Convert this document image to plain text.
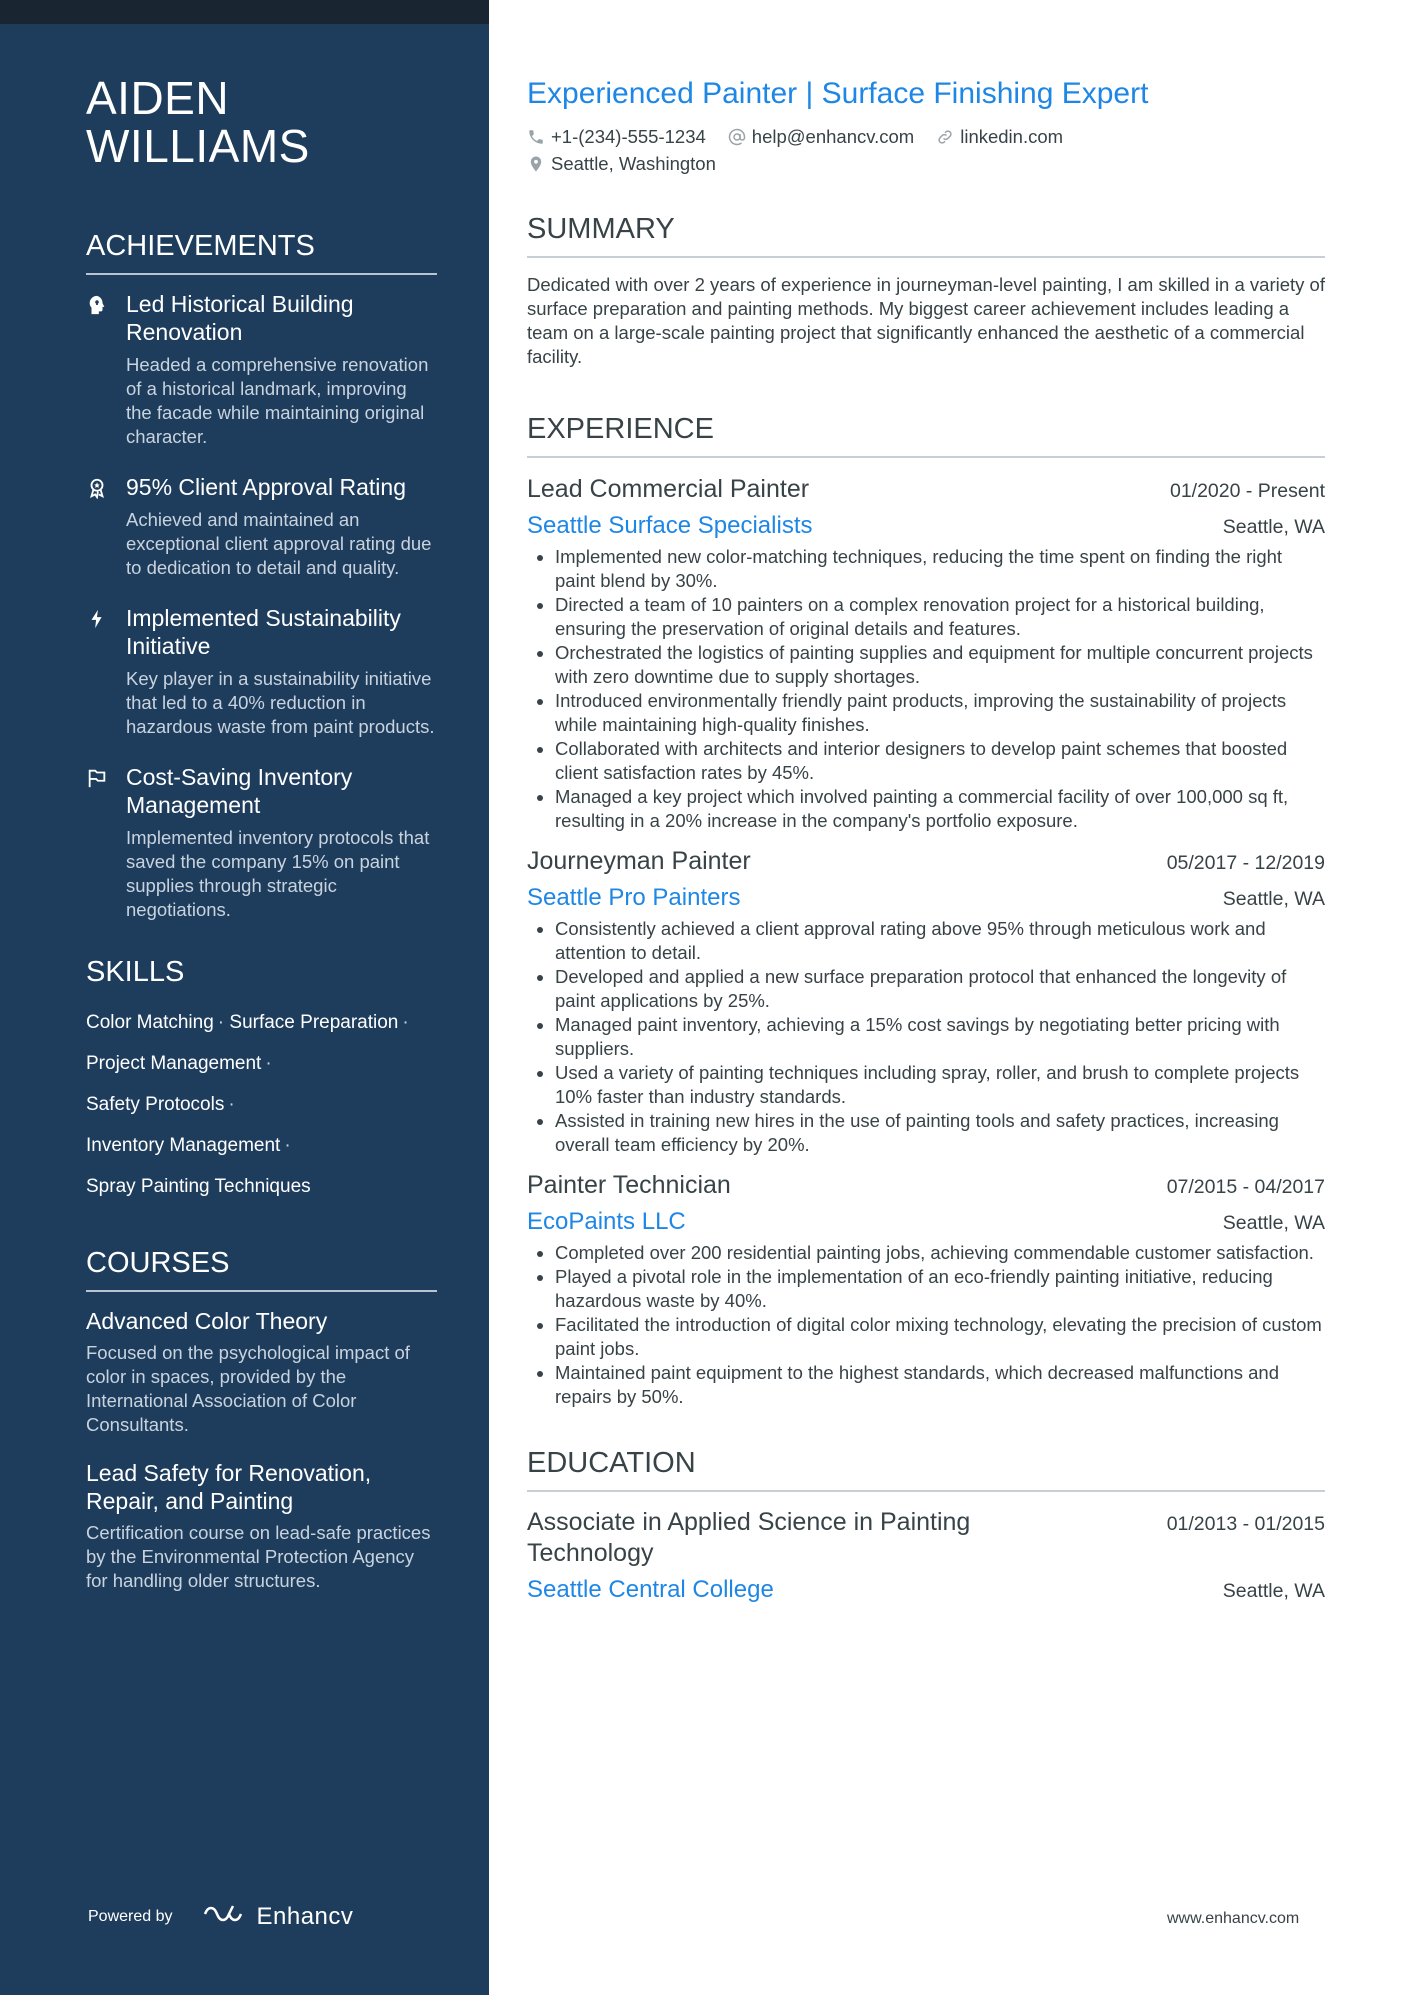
AIDEN
WILLIAMS
ACHIEVEMENTS
Led Historical Building Renovation
Headed a comprehensive renovation of a historical landmark, improving the facade while maintaining original character.
95% Client Approval Rating
Achieved and maintained an exceptional client approval rating due to dedication to detail and quality.
Implemented Sustainability Initiative
Key player in a sustainability initiative that led to a 40% reduction in hazardous waste from paint products.
Cost-Saving Inventory Management
Implemented inventory protocols that saved the company 15% on paint supplies through strategic negotiations.
SKILLS
Color Matching · Surface Preparation ·
Project Management ·
Safety Protocols ·
Inventory Management ·
Spray Painting Techniques
COURSES
Advanced Color Theory
Focused on the psychological impact of color in spaces, provided by the International Association of Color Consultants.
Lead Safety for Renovation, Repair, and Painting
Certification course on lead-safe practices by the Environmental Protection Agency for handling older structures.
Powered by	Enhancv
Experienced Painter | Surface Finishing Expert
+1-(234)-555-1234 help@enhancv.com linkedin.com
Seattle, Washington
SUMMARY
Dedicated with over 2 years of experience in journeyman-level painting, I am skilled in a variety of surface preparation and painting methods. My biggest career achievement includes leading a team on a large-scale painting project that significantly enhanced the aesthetic of a commercial facility.
EXPERIENCE
Lead Commercial Painter	01/2020 - Present
Seattle Surface Specialists	Seattle, WA
• Implemented new color-matching techniques, reducing the time spent on finding the right paint blend by 30%.
• Directed a team of 10 painters on a complex renovation project for a historical building, ensuring the preservation of original details and features.
• Orchestrated the logistics of painting supplies and equipment for multiple concurrent projects with zero downtime due to supply shortages.
• Introduced environmentally friendly paint products, improving the sustainability of projects while maintaining high-quality finishes.
• Collaborated with architects and interior designers to develop paint schemes that boosted client satisfaction rates by 45%.
• Managed a key project which involved painting a commercial facility of over 100,000 sq ft, resulting in a 20% increase in the company's portfolio exposure.
Journeyman Painter	05/2017 - 12/2019
Seattle Pro Painters	Seattle, WA
• Consistently achieved a client approval rating above 95% through meticulous work and attention to detail.
• Developed and applied a new surface preparation protocol that enhanced the longevity of paint applications by 25%.
• Managed paint inventory, achieving a 15% cost savings by negotiating better pricing with suppliers.
• Used a variety of painting techniques including spray, roller, and brush to complete projects 10% faster than industry standards.
• Assisted in training new hires in the use of painting tools and safety practices, increasing overall team efficiency by 20%.
Painter Technician	07/2015 - 04/2017
EcoPaints LLC	Seattle, WA
• Completed over 200 residential painting jobs, achieving commendable customer satisfaction.
• Played a pivotal role in the implementation of an eco-friendly painting initiative, reducing hazardous waste by 40%.
• Facilitated the introduction of digital color mixing technology, elevating the precision of custom paint jobs.
• Maintained paint equipment to the highest standards, which decreased malfunctions and repairs by 50%.
EDUCATION
Associate in Applied Science in Painting Technology
01/2013 - 01/2015
Seattle Central College	Seattle, WA
www.enhancv.com
